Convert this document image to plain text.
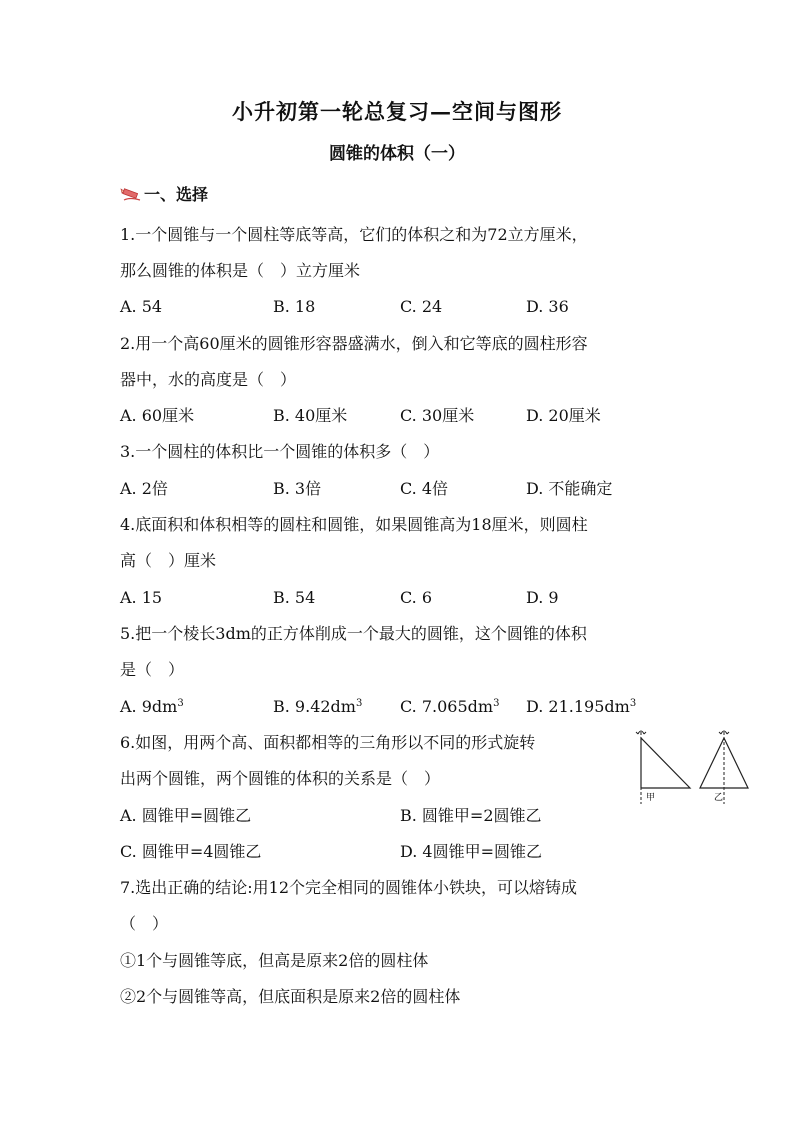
小升初第一轮总复习—空间与图形
圆锥的体积（一）
一、选择
1.一个圆锥与一个圆柱等底等高，它们的体积之和为72立方厘米，
那么圆锥的体积是（　）立方厘米
A. 54	B. 18	C. 24	D. 36
2.用一个高60厘米的圆锥形容器盛满水，倒入和它等底的圆柱形容
器中，水的高度是（　）
A. 60厘米	B. 40厘米	C. 30厘米	D. 20厘米
3.一个圆柱的体积比一个圆锥的体积多（　）
A. 2倍	B. 3倍	C. 4倍	D. 不能确定
4.底面积和体积相等的圆柱和圆锥，如果圆锥高为18厘米，则圆柱
高（　）厘米
A. 15	B. 54	C. 6	D. 9
5.把一个棱长3dm的正方体削成一个最大的圆锥，这个圆锥的体积
是（　）
A. $9dm^3$	B. $9.42dm^3$ C. $7.065dm^3$ D. $21.195dm^3$
6.如图，用两个高、面积都相等的三角形以不同的形式旋转
出两个圆锥，两个圆锥的体积的关系是（　）
甲	乙
A. 圆锥甲=圆锥乙	B. 圆锥甲=2圆锥乙
C. 圆锥甲=4圆锥乙	D. 4圆锥甲=圆锥乙
7.选出正确的结论:用12个完全相同的圆锥体小铁块，可以熔铸成
（　）
①1个与圆锥等底，但高是原来2倍的圆柱体
②2个与圆锥等高，但底面积是原来2倍的圆柱体
